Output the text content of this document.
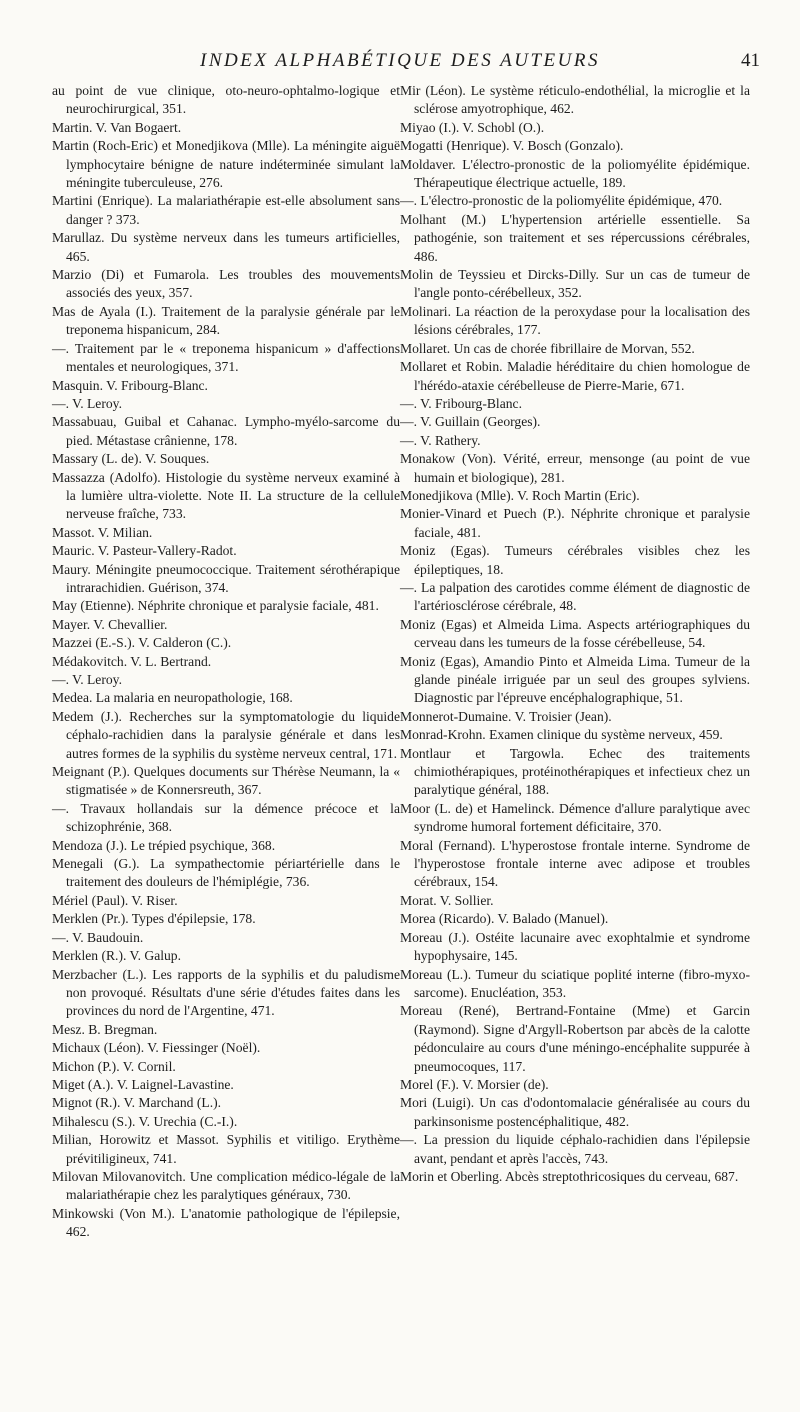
INDEX ALPHABÉTIQUE DES AUTEURS	41

au point de vue clinique, oto-neuro-ophtalmo-logique et neurochirurgical, 351.

Martin. V. Van Bogaert.

Martin (Roch-Eric) et Monedjikova (Mlle). La méningite aiguë lymphocytaire bénigne de nature indéterminée simulant la méningite tuberculeuse, 276.

Martini (Enrique). La malariathérapie est-elle absolument sans danger ? 373.

Marullaz. Du système nerveux dans les tumeurs artificielles, 465.

Marzio (Di) et Fumarola. Les troubles des mouvements associés des yeux, 357.

Mas de Ayala (I.). Traitement de la paralysie générale par le treponema hispanicum, 284.

—. Traitement par le « treponema hispanicum » d'affections mentales et neurologiques, 371.

Masquin. V. Fribourg-Blanc.

—. V. Leroy.

Massabuau, Guibal et Cahanac. Lympho-myélo-sarcome du pied. Métastase crânienne, 178.

Massary (L. de). V. Souques.

Massazza (Adolfo). Histologie du système nerveux examiné à la lumière ultra-violette. Note II. La structure de la cellule nerveuse fraîche, 733.

Massot. V. Milian.

Mauric. V. Pasteur-Vallery-Radot.

Maury. Méningite pneumococcique. Traitement sérothérapique intrarachidien. Guérison, 374.

May (Etienne). Néphrite chronique et paralysie faciale, 481.

Mayer. V. Chevallier.

Mazzei (E.-S.). V. Calderon (C.).

Médakovitch. V. L. Bertrand.

—. V. Leroy.

Medea. La malaria en neuropathologie, 168.

Medem (J.). Recherches sur la symptomatologie du liquide céphalo-rachidien dans la paralysie générale et dans les autres formes de la syphilis du système nerveux central, 171.

Meignant (P.). Quelques documents sur Thérèse Neumann, la « stigmatisée » de Konnersreuth, 367.

—. Travaux hollandais sur la démence précoce et la schizophrénie, 368.

Mendoza (J.). Le trépied psychique, 368.

Menegali (G.). La sympathectomie périartérielle dans le traitement des douleurs de l'hémiplégie, 736.

Mériel (Paul). V. Riser.

Merklen (Pr.). Types d'épilepsie, 178.

—. V. Baudouin.

Merklen (R.). V. Galup.

Merzbacher (L.). Les rapports de la syphilis et du paludisme non provoqué. Résultats d'une série d'études faites dans les provinces du nord de l'Argentine, 471.

Mesz. B. Bregman.

Michaux (Léon). V. Fiessinger (Noël).

Michon (P.). V. Cornil.

Miget (A.). V. Laignel-Lavastine.

Mignot (R.). V. Marchand (L.).

Mihalescu (S.). V. Urechia (C.-I.).

Milian, Horowitz et Massot. Syphilis et vitiligo. Erythème prévitiligineux, 741.

Milovan Milovanovitch. Une complication médico-légale de la malariathérapie chez les paralytiques généraux, 730.

Minkowski (Von M.). L'anatomie pathologique de l'épilepsie, 462.

Mir (Léon). Le système réticulo-endothélial, la microglie et la sclérose amyotrophique, 462.

Miyao (I.). V. Schobl (O.).

Mogatti (Henrique). V. Bosch (Gonzalo).

Moldaver. L'électro-pronostic de la poliomyélite épidémique. Thérapeutique électrique actuelle, 189.

—. L'électro-pronostic de la poliomyélite épidémique, 470.

Molhant (M.) L'hypertension artérielle essentielle. Sa pathogénie, son traitement et ses répercussions cérébrales, 486.

Molin de Teyssieu et Dircks-Dilly. Sur un cas de tumeur de l'angle ponto-cérébelleux, 352.

Molinari. La réaction de la peroxydase pour la localisation des lésions cérébrales, 177.

Mollaret. Un cas de chorée fibrillaire de Morvan, 552.

Mollaret et Robin. Maladie héréditaire du chien homologue de l'hérédo-ataxie cérébelleuse de Pierre-Marie, 671.

—. V. Fribourg-Blanc.

—. V. Guillain (Georges).

—. V. Rathery.

Monakow (Von). Vérité, erreur, mensonge (au point de vue humain et biologique), 281.

Monedjikova (Mlle). V. Roch Martin (Eric).

Monier-Vinard et Puech (P.). Néphrite chronique et paralysie faciale, 481.

Moniz (Egas). Tumeurs cérébrales visibles chez les épileptiques, 18.

—. La palpation des carotides comme élément de diagnostic de l'artériosclérose cérébrale, 48.

Moniz (Egas) et Almeida Lima. Aspects artériographiques du cerveau dans les tumeurs de la fosse cérébelleuse, 54.

Moniz (Egas), Amandio Pinto et Almeida Lima. Tumeur de la glande pinéale irriguée par un seul des groupes sylviens. Diagnostic par l'épreuve encéphalographique, 51.

Monnerot-Dumaine. V. Troisier (Jean).

Monrad-Krohn. Examen clinique du système nerveux, 459.

Montlaur et Targowla. Echec des traitements chimiothérapiques, protéinothérapiques et infectieux chez un paralytique général, 188.

Moor (L. de) et Hamelinck. Démence d'allure paralytique avec syndrome humoral fortement déficitaire, 370.

Moral (Fernand). L'hyperostose frontale interne. Syndrome de l'hyperostose frontale interne avec adipose et troubles cérébraux, 154.

Morat. V. Sollier.

Morea (Ricardo). V. Balado (Manuel).

Moreau (J.). Ostéite lacunaire avec exophtalmie et syndrome hypophysaire, 145.

Moreau (L.). Tumeur du sciatique poplité interne (fibro-myxo-sarcome). Enucléation, 353.

Moreau (René), Bertrand-Fontaine (Mme) et Garcin (Raymond). Signe d'Argyll-Robertson par abcès de la calotte pédonculaire au cours d'une méningo-encéphalite suppurée à pneumocoques, 117.

Morel (F.). V. Morsier (de).

Mori (Luigi). Un cas d'odontomalacie généralisée au cours du parkinsonisme postencéphalitique, 482.

—. La pression du liquide céphalo-rachidien dans l'épilepsie avant, pendant et après l'accès, 743.

Morin et Oberling. Abcès streptothricosiques du cerveau, 687.
